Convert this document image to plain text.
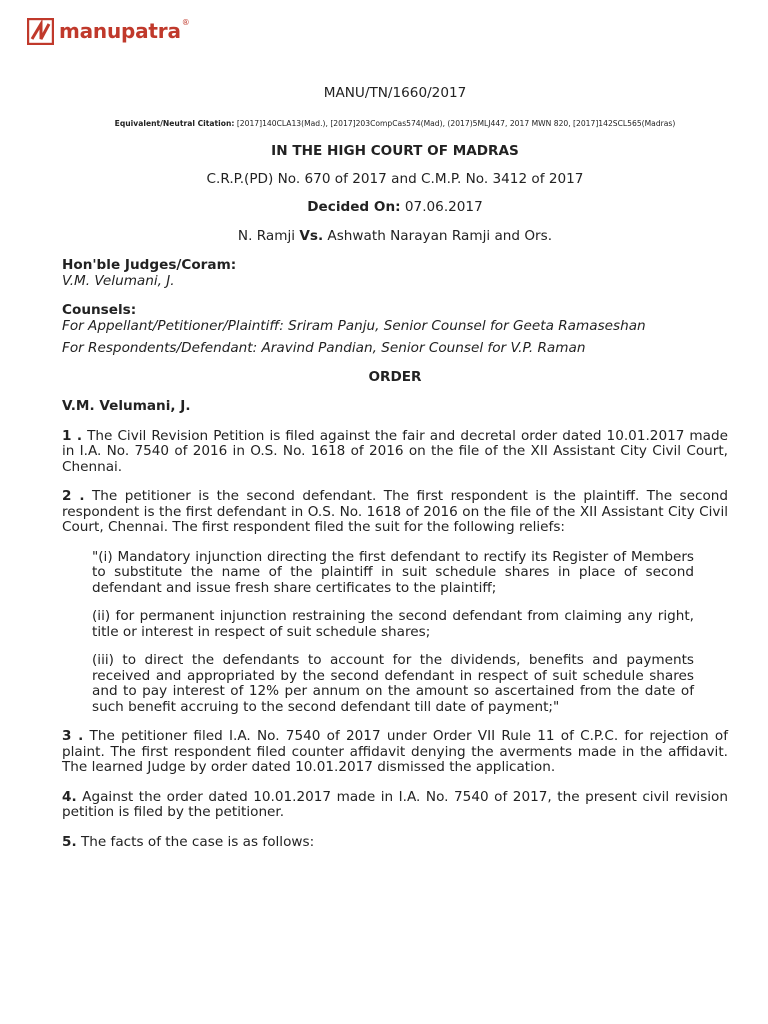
manupatra ®
MANU/TN/1660/2017
Equivalent/Neutral Citation: [2017]140CLA13(Mad.), [2017]203CompCas574(Mad), (2017)5MLJ447, 2017 MWN 820, [2017]142SCL565(Madras)
IN THE HIGH COURT OF MADRAS
C.R.P.(PD) No. 670 of 2017 and C.M.P. No. 3412 of 2017
Decided On: 07.06.2017
N. Ramji Vs. Ashwath Narayan Ramji and Ors.
Hon'ble Judges/Coram:
V.M. Velumani, J.
Counsels:
For Appellant/Petitioner/Plaintiff: Sriram Panju, Senior Counsel for Geeta Ramaseshan
For Respondents/Defendant: Aravind Pandian, Senior Counsel for V.P. Raman
ORDER
V.M. Velumani, J.
1 . The Civil Revision Petition is filed against the fair and decretal order dated 10.01.2017 made in I.A. No. 7540 of 2016 in O.S. No. 1618 of 2016 on the file of the XII Assistant City Civil Court, Chennai.
2 . The petitioner is the second defendant. The first respondent is the plaintiff. The second respondent is the first defendant in O.S. No. 1618 of 2016 on the file of the XII Assistant City Civil Court, Chennai. The first respondent filed the suit for the following reliefs:
"(i) Mandatory injunction directing the first defendant to rectify its Register of Members to substitute the name of the plaintiff in suit schedule shares in place of second defendant and issue fresh share certificates to the plaintiff;
(ii) for permanent injunction restraining the second defendant from claiming any right, title or interest in respect of suit schedule shares;
(iii) to direct the defendants to account for the dividends, benefits and payments received and appropriated by the second defendant in respect of suit schedule shares and to pay interest of 12% per annum on the amount so ascertained from the date of such benefit accruing to the second defendant till date of payment;"
3 . The petitioner filed I.A. No. 7540 of 2017 under Order VII Rule 11 of C.P.C. for rejection of plaint. The first respondent filed counter affidavit denying the averments made in the affidavit. The learned Judge by order dated 10.01.2017 dismissed the application.
4. Against the order dated 10.01.2017 made in I.A. No. 7540 of 2017, the present civil revision petition is filed by the petitioner.
5. The facts of the case is as follows:
